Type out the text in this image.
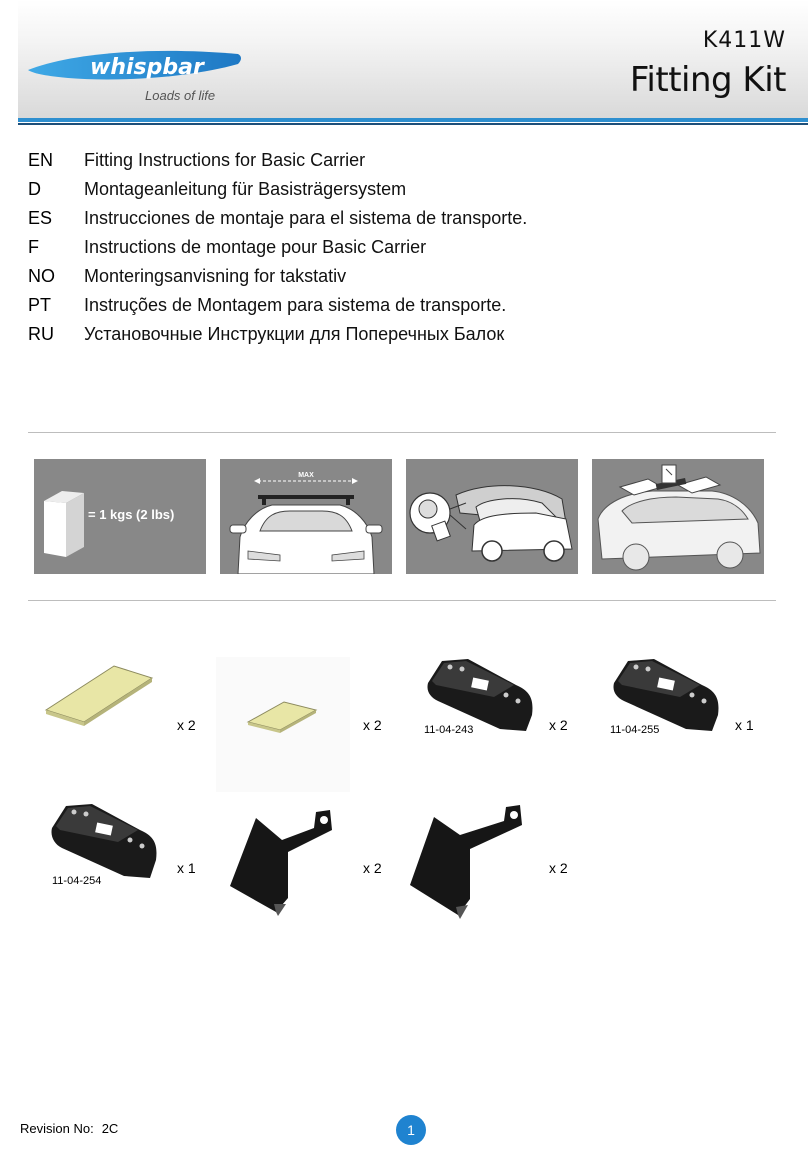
whispbar
Loads of life
K411W
Fitting Kit
EN	Fitting Instructions for Basic Carrier
D	Montageanleitung für Basisträgersystem
ES	Instrucciones de montaje para el sistema de transporte.
F	Instructions de montage pour Basic Carrier
NO	Monteringsanvisning for takstativ
PT	Instruções de Montagem para sistema de transporte.
RU	Установочные Инструкции для Поперечных Балок
= 1 kgs (2 lbs)
MAX
x 2	x 2	11-04-243	x 2	11-04-255	x 1
11-04-254
x 1	x 2	x 2
Revision No: 2C	1
